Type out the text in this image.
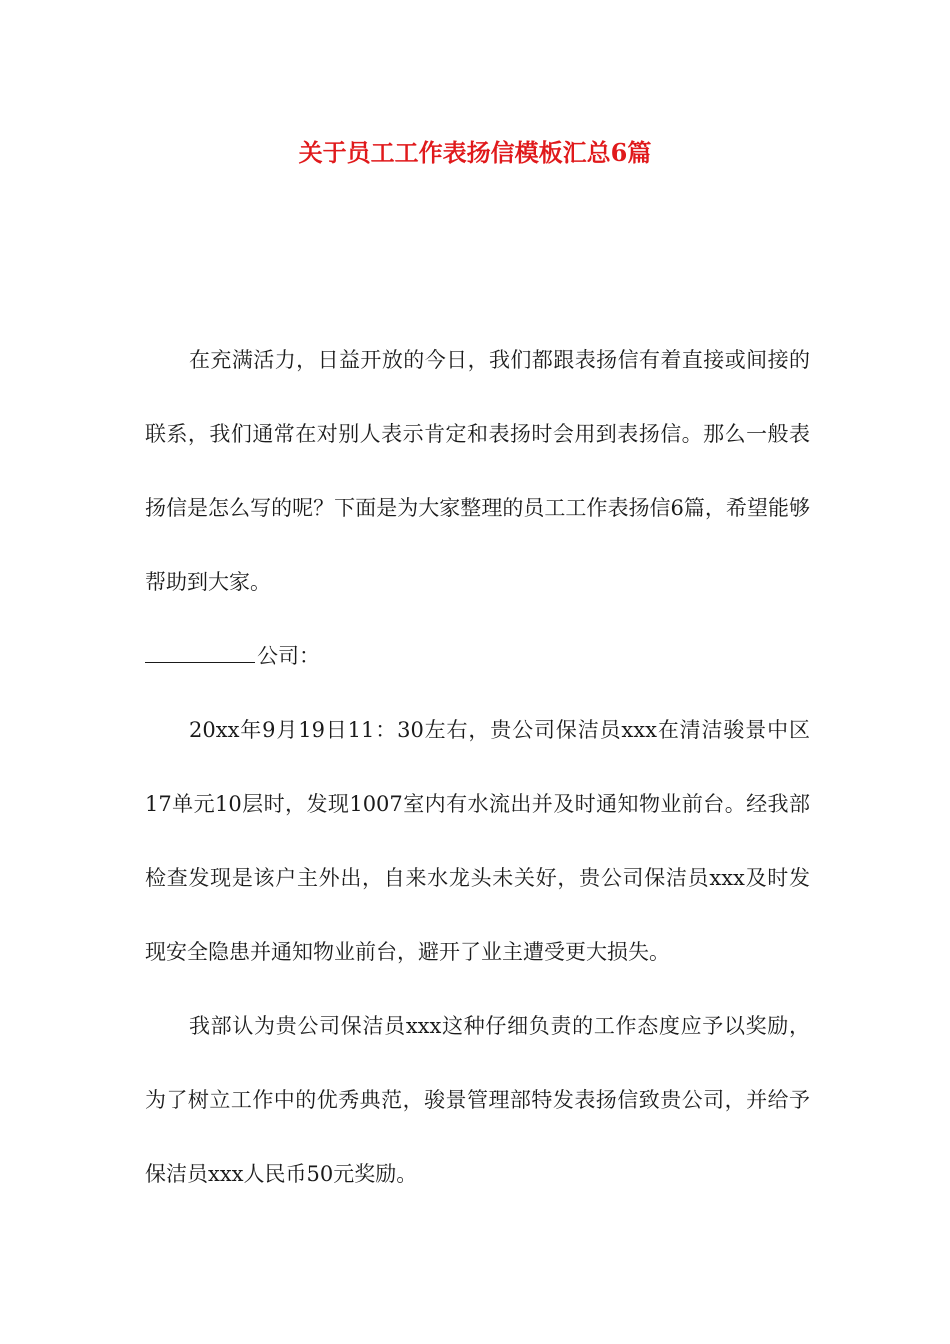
关于员工工作表扬信模板汇总6篇

在充满活力，日益开放的今日，我们都跟表扬信有着直接或间接的联系，我们通常在对别人表示肯定和表扬时会用到表扬信。那么一般表扬信是怎么写的呢？下面是为大家整理的员工工作表扬信6篇，希望能够帮助到大家。

公司：

20xx年9月19日11：30左右，贵公司保洁员xxx在清洁骏景中区17单元10层时，发现1007室内有水流出并及时通知物业前台。经我部检查发现是该户主外出，自来水龙头未关好，贵公司保洁员xxx及时发现安全隐患并通知物业前台，避开了业主遭受更大损失。

我部认为贵公司保洁员xxx这种仔细负责的工作态度应予以奖励，为了树立工作中的优秀典范，骏景管理部特发表扬信致贵公司，并给予保洁员xxx人民币50元奖励。
